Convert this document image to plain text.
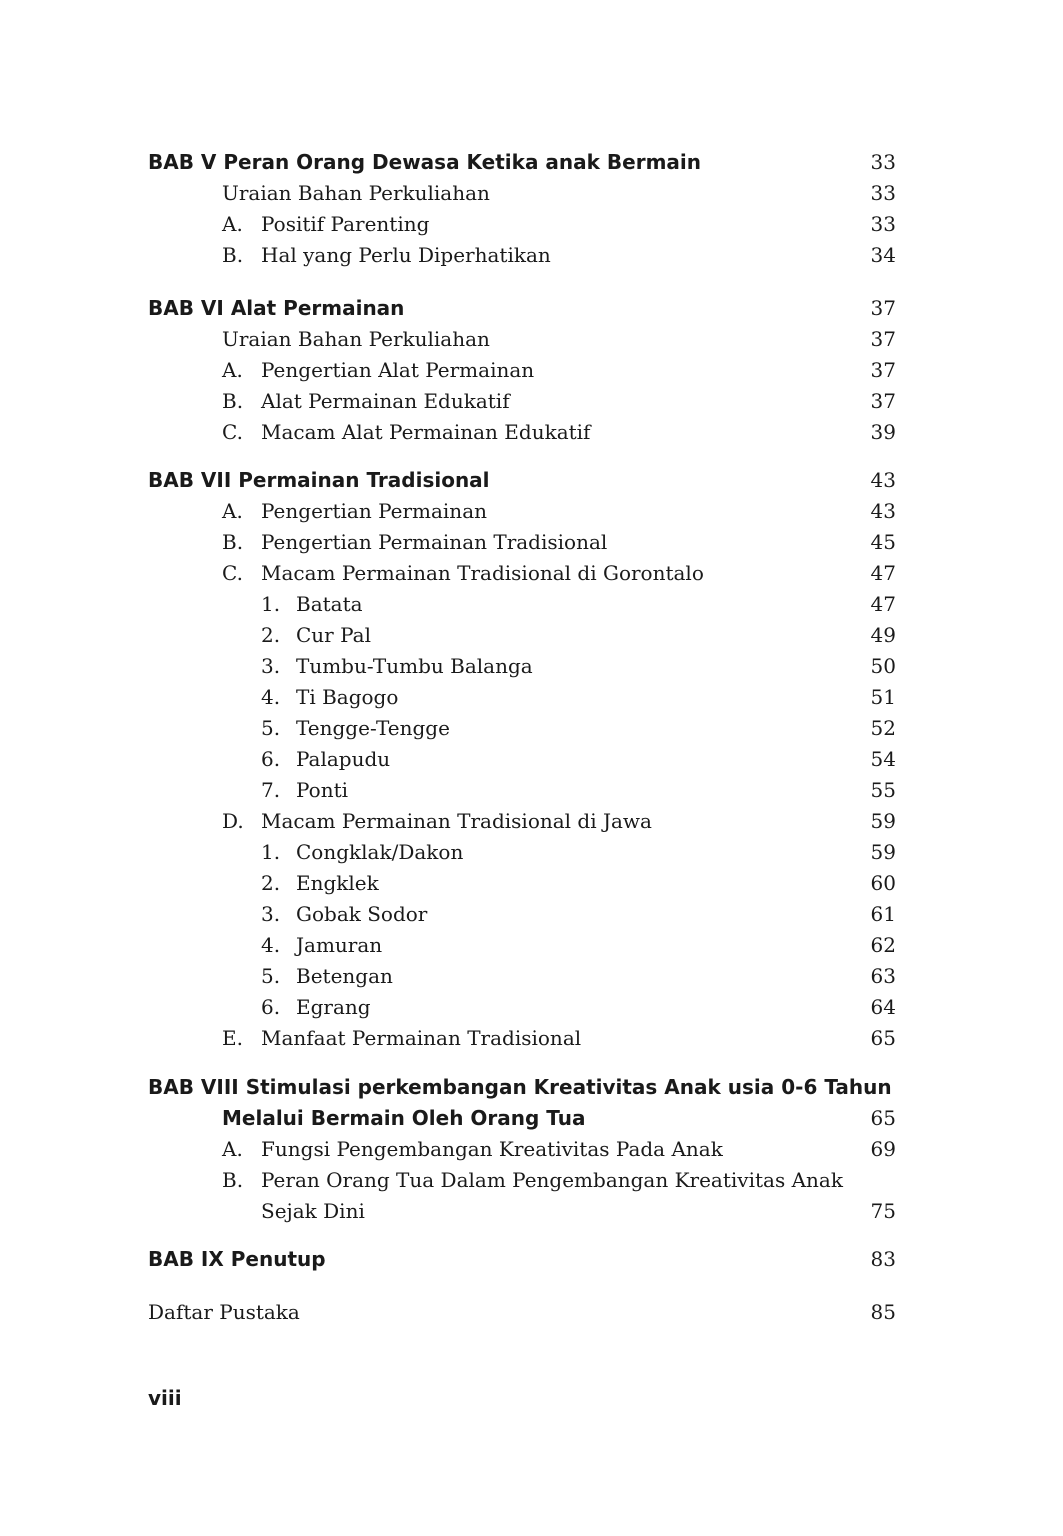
BAB V Peran Orang Dewasa Ketika anak Bermain	33
Uraian Bahan Perkuliahan	33
A. Positif Parenting	33
B. Hal yang Perlu Diperhatikan	34
BAB VI Alat Permainan	37
Uraian Bahan Perkuliahan	37
A. Pengertian Alat Permainan	37
B. Alat Permainan Edukatif	37
C. Macam Alat Permainan Edukatif	39
BAB VII Permainan Tradisional	43
A. Pengertian Permainan	43
B. Pengertian Permainan Tradisional	45
C. Macam Permainan Tradisional di Gorontalo	47
1. Batata	47
2. Cur Pal	49
3. Tumbu-Tumbu Balanga	50
4. Ti Bagogo	51
5. Tengge-Tengge	52
6. Palapudu	54
7. Ponti	55
D. Macam Permainan Tradisional di Jawa	59
1. Congklak/Dakon	59
2. Engklek	60
3. Gobak Sodor	61
4. Jamuran	62
5. Betengan	63
6. Egrang	64
E. Manfaat Permainan Tradisional	65
BAB VIII Stimulasi perkembangan Kreativitas Anak usia 0-6 Tahun
Melalui Bermain Oleh Orang Tua	65
A. Fungsi Pengembangan Kreativitas Pada Anak	69
B. Peran Orang Tua Dalam Pengembangan Kreativitas Anak
Sejak Dini	75
BAB IX Penutup	83
Daftar Pustaka	85
viii
